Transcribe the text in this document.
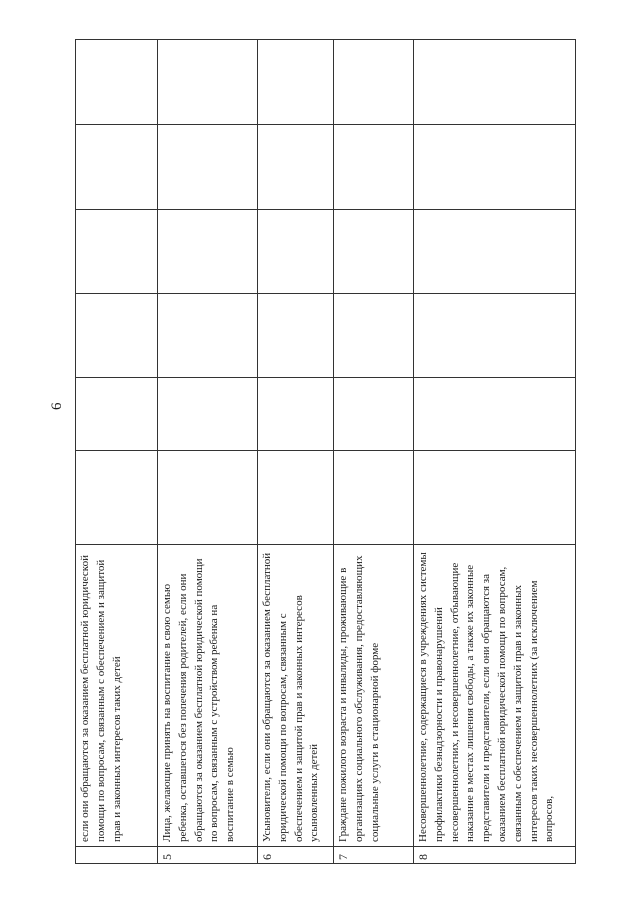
6
	если они обращаются за оказанием бесплатной юридической помощи по вопросам, связанным с обеспечением и защитой прав и законных интересов таких детей						
5	Лица, желающие принять на воспитание в свою семью ребенка, оставшегося без попечения родителей, если они обращаются за оказанием бесплатной юридической помощи по вопросам, связанным с устройством ребенка на воспитание в семью						
6	Усыновители, если они обращаются за оказанием бесплатной юридической помощи по вопросам, связанным с обеспечением и защитой прав и законных интересов усыновленных детей						
7	Граждане пожилого возраста и инвалиды, проживающие в организациях социального обслуживания, предоставляющих социальные услуги в стационарной форме						
8	Несовершеннолетние, содержащиеся в учреждениях системы профилактики безнадзорности и правонарушений несовершеннолетних, и несовершеннолетние, отбывающие наказание в местах лишения свободы, а также их законные представители и представители, если они обращаются за оказанием бесплатной юридической помощи по вопросам, связанным с обеспечением и защитой прав и законных интересов таких несовершеннолетних (за исключением вопросов,						
